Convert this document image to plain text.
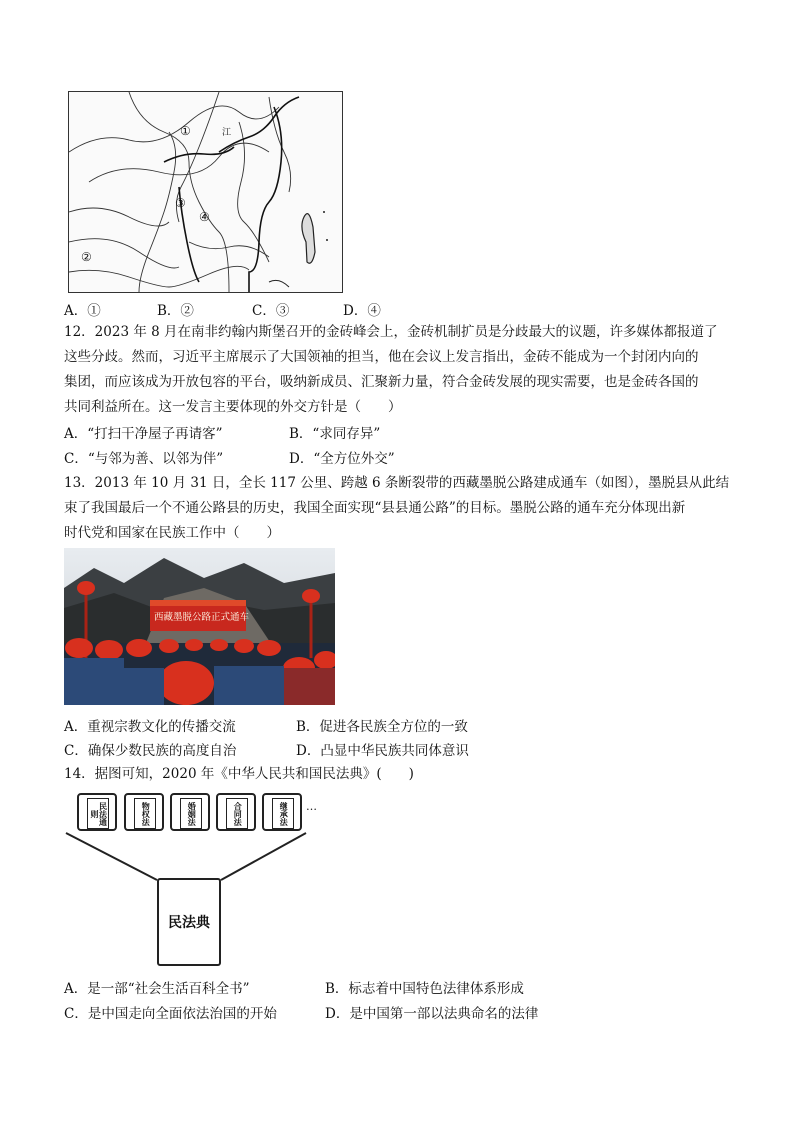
①
②
③
④
江
A．①	B．②	C．③	D．④
12．2023 年 8 月在南非约翰内斯堡召开的金砖峰会上，金砖机制扩员是分歧最大的议题，许多媒体都报道了
这些分歧。然而，习近平主席展示了大国领袖的担当，他在会议上发言指出，金砖不能成为一个封闭内向的
集团，而应该成为开放包容的平台，吸纳新成员、汇聚新力量，符合金砖发展的现实需要，也是金砖各国的
共同利益所在。这一发言主要体现的外交方针是（　　）
A．“打扫干净屋子再请客”	B．“求同存异”
C．“与邻为善、以邻为伴”	D．“全方位外交”
13．2013 年 10 月 31 日，全长 117 公里、跨越 6 条断裂带的西藏墨脱公路建成通车（如图），墨脱县从此结
束了我国最后一个不通公路县的历史，我国全面实现“县县通公路”的目标。墨脱公路的通车充分体现出新
时代党和国家在民族工作中（　　）
西藏墨脱公路正式通车
A．重视宗教文化的传播交流	B．促进各民族全方位的一致
C．确保少数民族的高度自治	D．凸显中华民族共同体意识
14．据图可知，2020 年《中华人民共和国民法典》(　　)
民法通则	物权法	婚姻法	合同法	继承法	…
民法典
A．是一部“社会生活百科全书”	B．标志着中国特色法律体系形成
C．是中国走向全面依法治国的开始	D．是中国第一部以法典命名的法律
